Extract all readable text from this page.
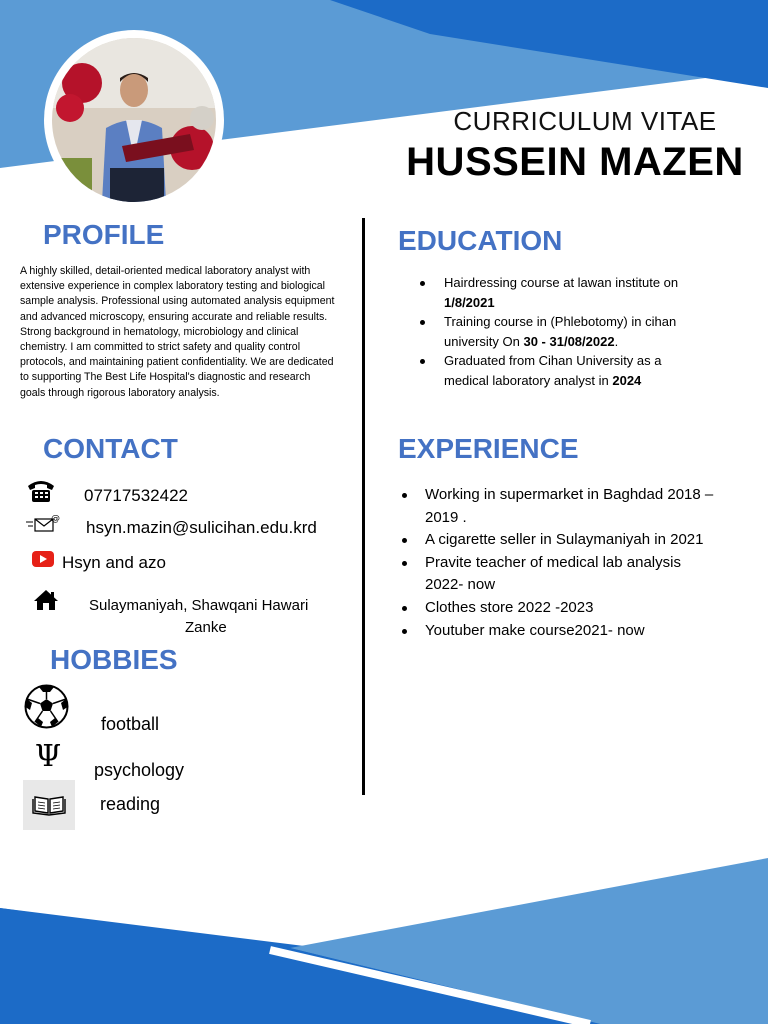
CURRICULUM VITAE
HUSSEIN MAZEN
PROFILE
A highly skilled, detail-oriented medical laboratory analyst with extensive experience in complex laboratory testing and biological sample analysis. Professional using automated analysis equipment and advanced microscopy, ensuring accurate and reliable results. Strong background in hematology, microbiology and clinical chemistry. I am committed to strict safety and quality control protocols, and maintaining patient confidentiality. We are dedicated to supporting The Best Life Hospital's diagnostic and research goals through rigorous laboratory analysis.
CONTACT
07717532422
@ hsyn.mazin@sulicihan.edu.krd
Hsyn and azo
Sulaymaniyah, Shawqani Hawari
Zanke
HOBBIES
football
Ψ psychology
reading
EDUCATION
Hairdressing course at lawan institute on 1/8/2021
Training course in (Phlebotomy) in cihan university On 30 - 31/08/2022.
Graduated from Cihan University as a medical laboratory analyst in 2024
EXPERIENCE
Working in supermarket in Baghdad 2018 – 2019 .
A cigarette seller in Sulaymaniyah in 2021
Pravite teacher of medical lab analysis 2022- now
Clothes store 2022 -2023
Youtuber make course2021- now
